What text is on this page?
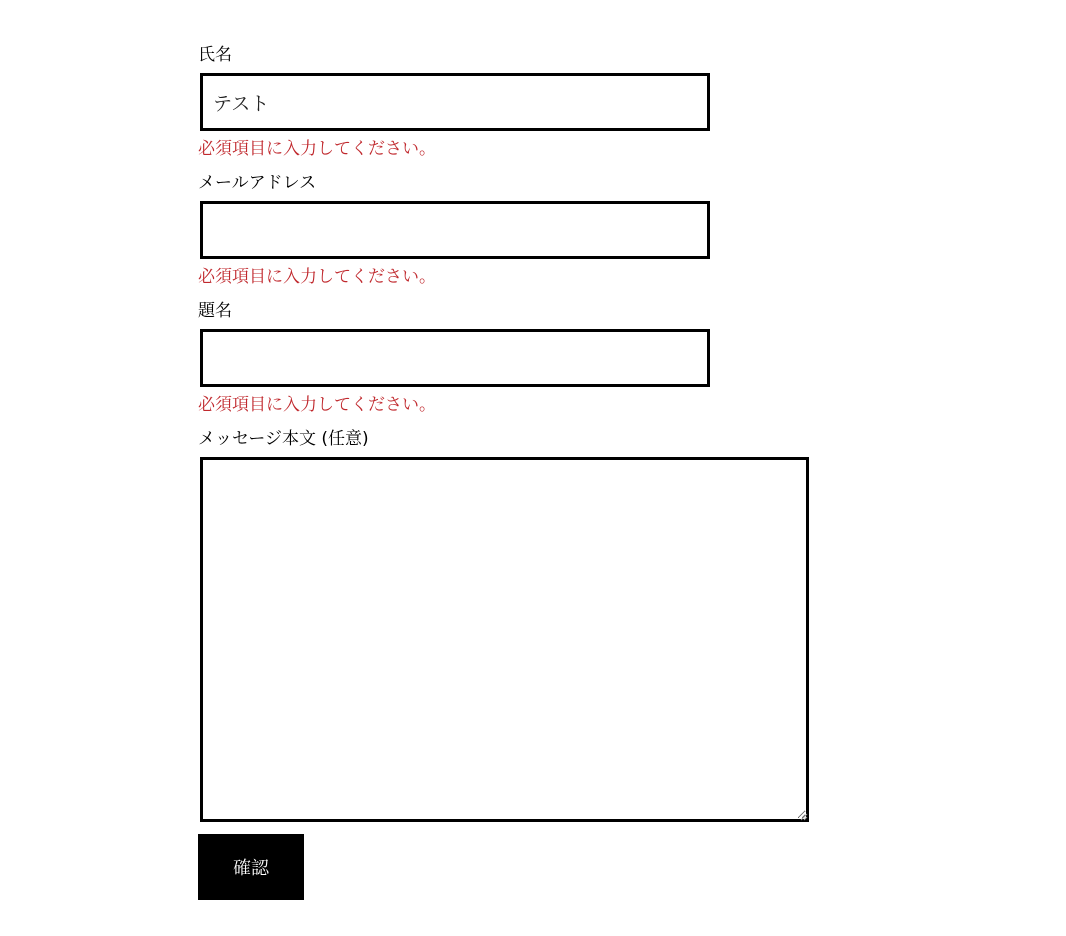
氏名
テスト
必須項目に入力してください。
メールアドレス
必須項目に入力してください。
題名
必須項目に入力してください。
メッセージ本文 (任意)
確認
